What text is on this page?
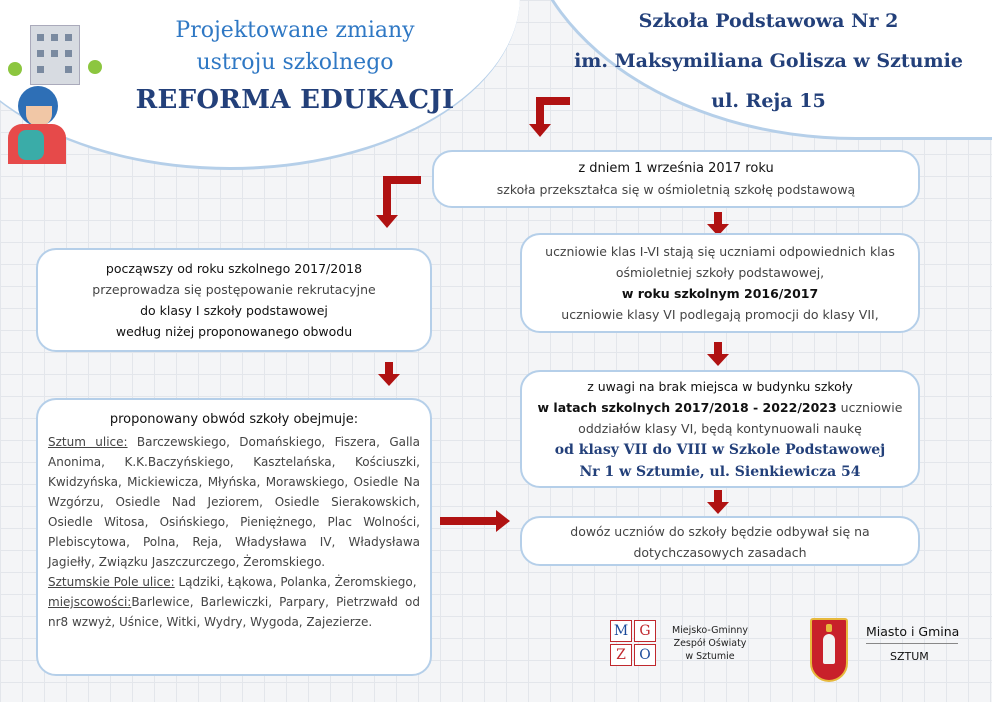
Projektowane zmiany
ustroju szkolnego
REFORMA EDUKACJI
Szkoła Podstawowa Nr 2
im. Maksymiliana Golisza w Sztumie
ul. Reja 15
z dniem 1 września 2017 roku
szkoła przekształca się w ośmioletnią szkołę podstawową
począwszy od roku szkolnego 2017/2018
przeprowadza się postępowanie rekrutacyjne
do klasy I szkoły podstawowej
według niżej proponowanego obwodu
uczniowie klas I-VI stają się uczniami odpowiednich klas
ośmioletniej szkoły podstawowej,
w roku szkolnym 2016/2017
uczniowie klasy VI podlegają promocji do klasy VII,
z uwagi na brak miejsca w budynku szkoły
w latach szkolnych 2017/2018 - 2022/2023 uczniowie
oddziałów klasy VI, będą kontynuowali naukę
od klasy VII do VIII w Szkole Podstawowej
Nr 1 w Sztumie, ul. Sienkiewicza 54
dowóz uczniów do szkoły będzie odbywał się na
dotychczasowych zasadach
proponowany obwód szkoły obejmuje:
Sztum ulice: Barczewskiego, Domańskiego, Fiszera, Galla Anonima, K.K.Baczyńskiego, Kasztelańska, Kościuszki, Kwidzyńska, Mickiewicza, Młyńska, Morawskiego, Osiedle Na Wzgórzu, Osiedle Nad Jeziorem, Osiedle Sierakowskich, Osiedle Witosa, Osińskiego, Pieniężnego, Plac Wolności, Plebiscytowa, Polna, Reja, Władysława IV, Władysława Jagiełły, Związku Jaszczurczego, Żeromskiego.
Sztumskie Pole ulice: Lądziki, Łąkowa, Polanka, Żeromskiego,
miejscowości:Barlewice, Barlewiczki, Parpary, Pietrzwałd od nr8 wzwyż, Uśnice, Witki, Wydry, Wygoda, Zajezierze.
M G
Z O
Miejsko-Gminny
Zespół Oświaty
w Sztumie
Miasto i Gmina
SZTUM
